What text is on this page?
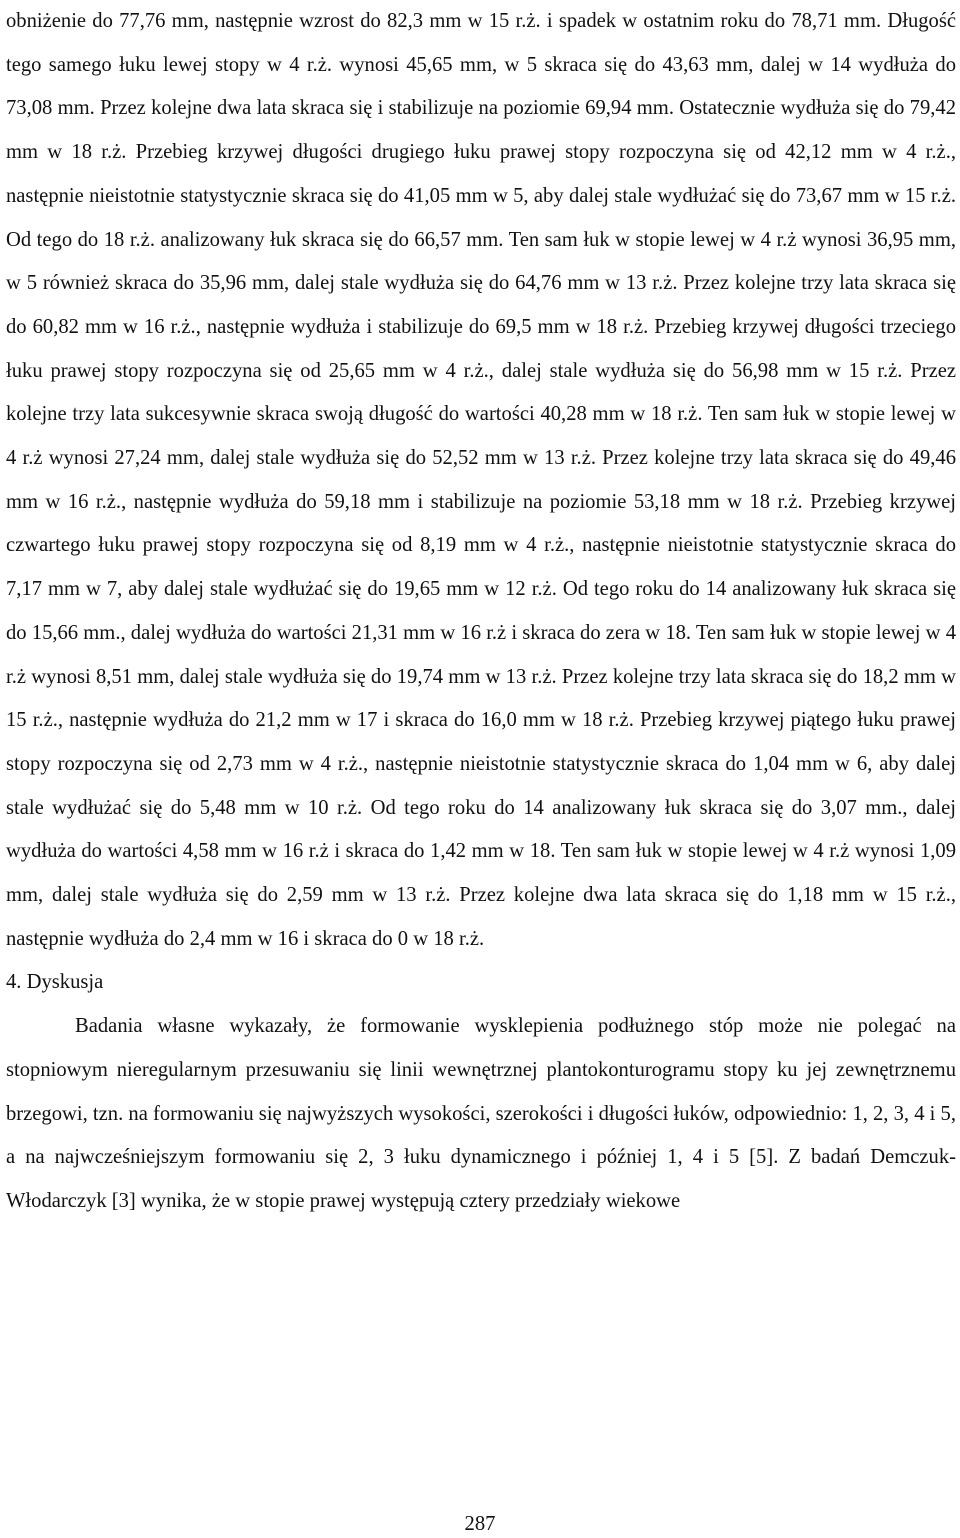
obniżenie do 77,76 mm, następnie wzrost do 82,3 mm w 15 r.ż. i spadek w ostatnim roku do 78,71 mm. Długość tego samego łuku lewej stopy w 4 r.ż. wynosi 45,65 mm, w 5 skraca się do 43,63 mm, dalej w 14 wydłuża do 73,08 mm. Przez kolejne dwa lata skraca się i stabilizuje na poziomie 69,94 mm. Ostatecznie wydłuża się do 79,42 mm w 18 r.ż. Przebieg krzywej długości drugiego łuku prawej stopy rozpoczyna się od 42,12 mm w 4 r.ż., następnie nieistotnie statystycznie skraca się do 41,05 mm w 5, aby dalej stale wydłużać się do 73,67 mm w 15 r.ż. Od tego do 18 r.ż. analizowany łuk skraca się do 66,57 mm. Ten sam łuk w stopie lewej w 4 r.ż wynosi 36,95 mm, w 5 również skraca do 35,96 mm, dalej stale wydłuża się do 64,76 mm w 13 r.ż. Przez kolejne trzy lata skraca się do 60,82 mm w 16 r.ż., następnie wydłuża i stabilizuje do 69,5 mm w 18 r.ż. Przebieg krzywej długości trzeciego łuku prawej stopy rozpoczyna się od 25,65 mm w 4 r.ż., dalej stale wydłuża się do 56,98 mm w 15 r.ż. Przez kolejne trzy lata sukcesywnie skraca swoją długość do wartości 40,28 mm w 18 r.ż. Ten sam łuk w stopie lewej w 4 r.ż wynosi 27,24 mm, dalej stale wydłuża się do 52,52 mm w 13 r.ż. Przez kolejne trzy lata skraca się do 49,46 mm w 16 r.ż., następnie wydłuża do 59,18 mm i stabilizuje na poziomie 53,18 mm w 18 r.ż. Przebieg krzywej czwartego łuku prawej stopy rozpoczyna się od 8,19 mm w 4 r.ż., następnie nieistotnie statystycznie skraca do 7,17 mm w 7, aby dalej stale wydłużać się do 19,65 mm w 12 r.ż. Od tego roku do 14 analizowany łuk skraca się do 15,66 mm., dalej wydłuża do wartości 21,31 mm w 16 r.ż i skraca do zera w 18. Ten sam łuk w stopie lewej w 4 r.ż wynosi 8,51 mm, dalej stale wydłuża się do 19,74 mm w 13 r.ż. Przez kolejne trzy lata skraca się do 18,2 mm w 15 r.ż., następnie wydłuża do 21,2 mm w 17 i skraca do 16,0 mm w 18 r.ż. Przebieg krzywej piątego łuku prawej stopy rozpoczyna się od 2,73 mm w 4 r.ż., następnie nieistotnie statystycznie skraca do 1,04 mm w 6, aby dalej stale wydłużać się do 5,48 mm w 10 r.ż. Od tego roku do 14 analizowany łuk skraca się do 3,07 mm., dalej wydłuża do wartości 4,58 mm w 16 r.ż i skraca do 1,42 mm w 18. Ten sam łuk w stopie lewej w 4 r.ż wynosi 1,09 mm, dalej stale wydłuża się do 2,59 mm w 13 r.ż. Przez kolejne dwa lata skraca się do 1,18 mm w 15 r.ż., następnie wydłuża do 2,4 mm w 16 i skraca do 0 w 18 r.ż.

4. Dyskusja

Badania własne wykazały, że formowanie wysklepienia podłużnego stóp może nie polegać na stopniowym nieregularnym przesuwaniu się linii wewnętrznej plantokonturogramu stopy ku jej zewnętrznemu brzegowi, tzn. na formowaniu się najwyższych wysokości, szerokości i długości łuków, odpowiednio: 1, 2, 3, 4 i 5, a na najwcześniejszym formowaniu się 2, 3 łuku dynamicznego i później 1, 4 i 5 [5]. Z badań Demczuk-Włodarczyk [3] wynika, że w stopie prawej występują cztery przedziały wiekowe

287
